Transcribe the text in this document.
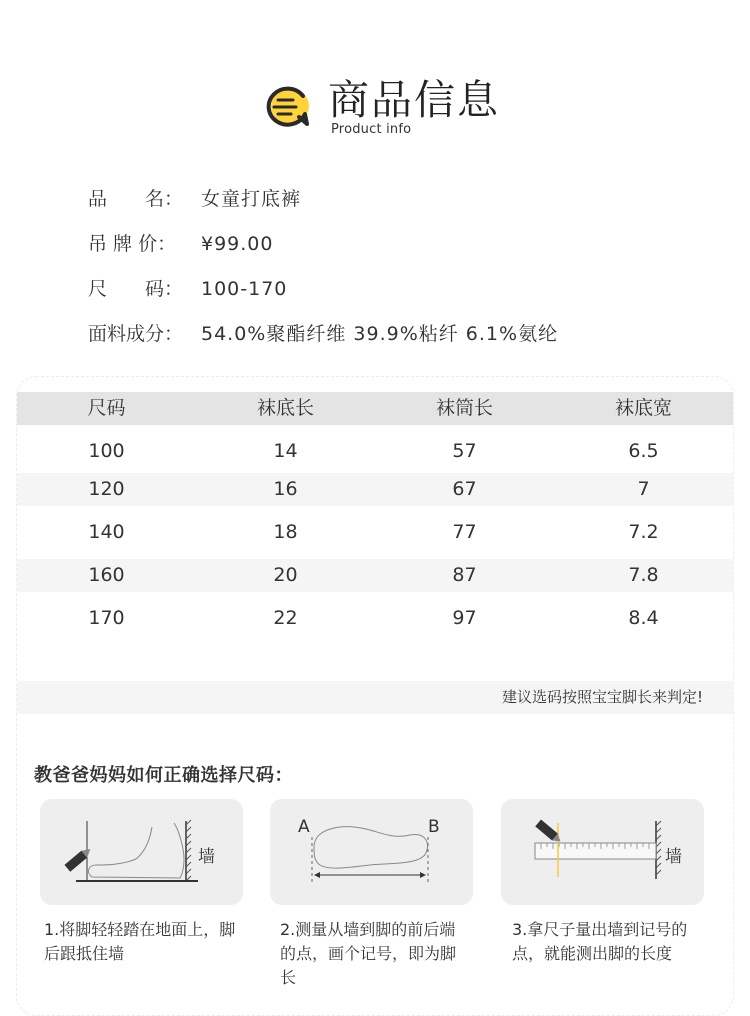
商品信息
Product info
品　　名： 女童打底裤
吊 牌 价：	¥99.00
尺　　码： 100-170
面料成分： 54.0%聚酯纤维 39.9%粘纤 6.1%氨纶
尺码	袜底长	袜筒长	袜底宽
100	14	57	6.5
120	16	67	7
140	18	77	7.2
160	20	87	7.8
170	22	97	8.4
建议选码按照宝宝脚长来判定!
教爸爸妈妈如何正确选择尺码：
墙
A	B
墙
1.将脚轻轻踏在地面上，脚后跟抵住墙
2.测量从墙到脚的前后端的点，画个记号，即为脚长
3.拿尺子量出墙到记号的点，就能测出脚的长度
